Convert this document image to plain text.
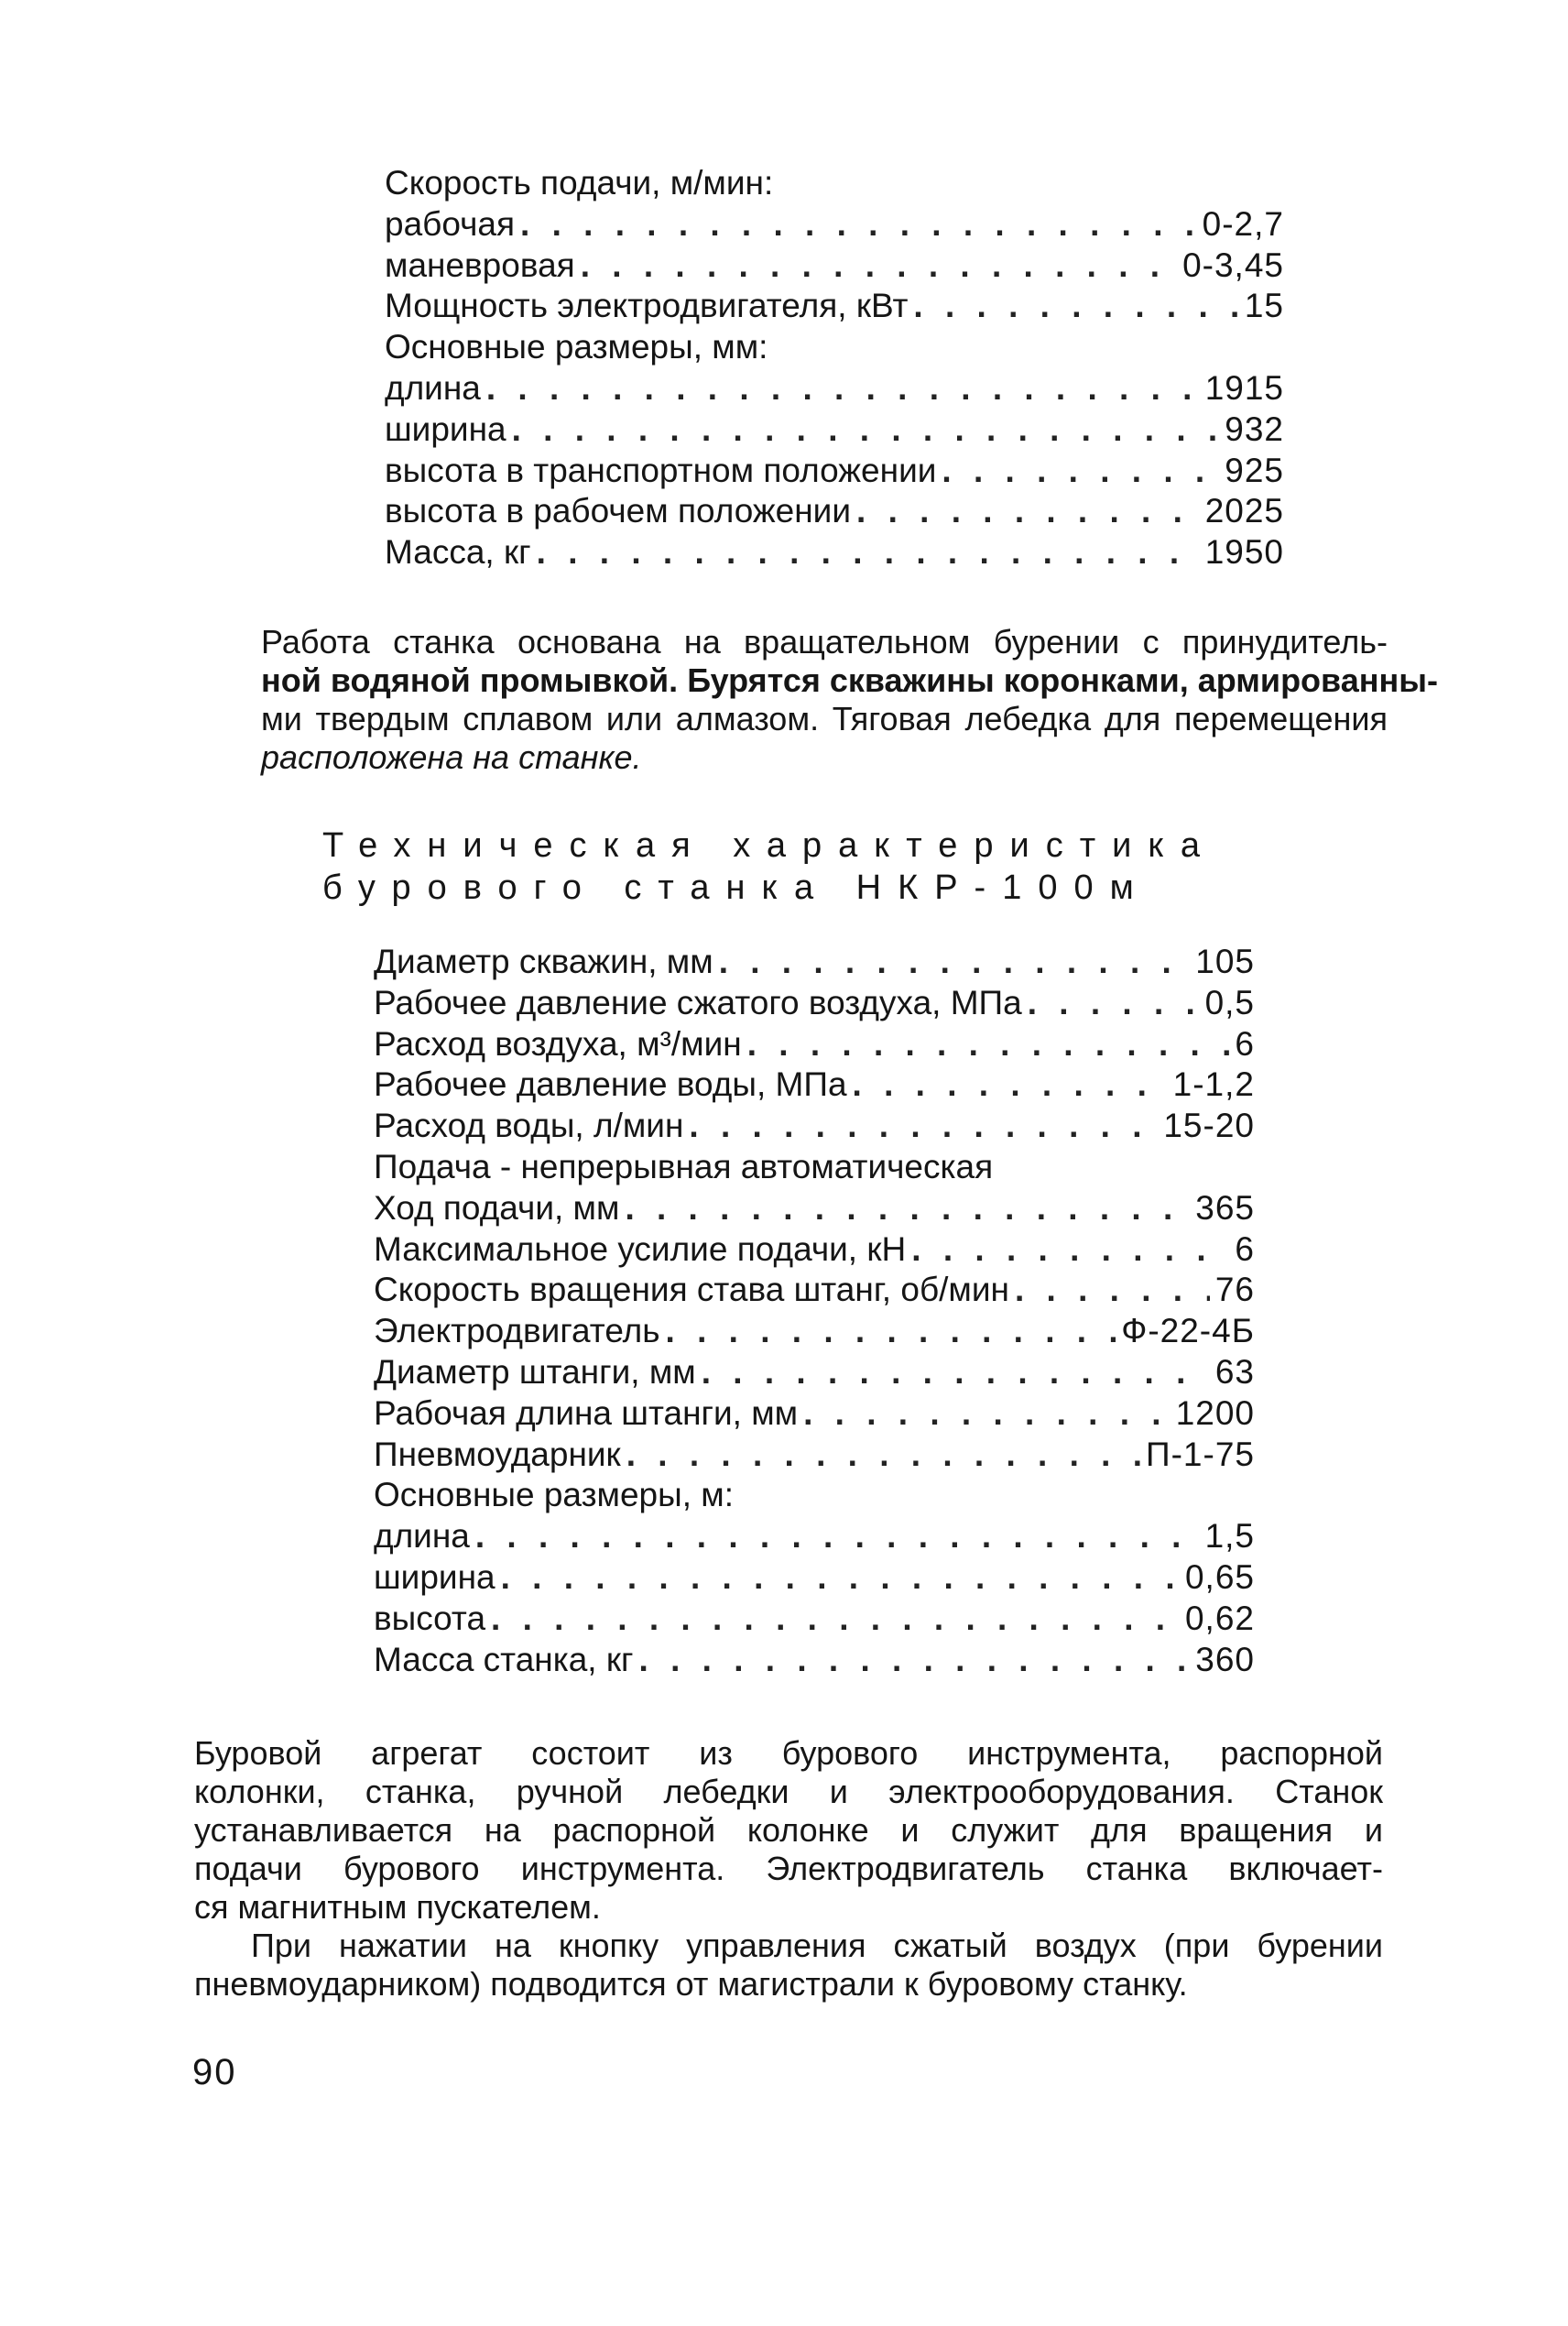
Скорость подачи, м/мин:
рабочая . . .	0-2,7
маневровая . . .	0-3,45
Мощность электродвигателя, кВт . . .	15
Основные размеры, мм:
длина . . .	1915
ширина . . .	932
высота в транспортном положении . . .	925
высота в рабочем положении . . .	2025
Масса, кг . . .	1950
Работа станка основана на вращательном бурении с принудитель-
ной водяной промывкой. Бурятся скважины коронками, армированны-
ми твердым сплавом или алмазом. Тяговая лебедка для перемещения
расположена на станке.
Техническая характеристика
бурового станка НКР-100м
Диаметр скважин, мм . . .	105
Рабочее давление сжатого воздуха, МПа . . .	0,5
Расход воздуха, м³/мин . . .	6
Рабочее давление воды, МПа . . .	1-1,2
Расход воды, л/мин . . .	15-20
Подача - непрерывная автоматическая
Ход подачи, мм . . .	365
Максимальное усилие подачи, кН . . .	6
Скорость вращения става штанг, об/мин . . .	76
Электродвигатель . . .	Ф-22-4Б
Диаметр штанги, мм . . .	63
Рабочая длина штанги, мм . . .	1200
Пневмоударник . . .	П-1-75
Основные размеры, м:
длина . . .	1,5
ширина . . .	0,65
высота . . .	0,62
Масса станка, кг . . .	360
Буровой агрегат состоит из бурового инструмента, распорной
колонки, станка, ручной лебедки и электрооборудования. Станок
устанавливается на распорной колонке и служит для вращения и
подачи бурового инструмента. Электродвигатель станка включает-
ся магнитным пускателем.
При нажатии на кнопку управления сжатый воздух (при бурении
пневмоударником) подводится от магистрали к буровому станку.
90
